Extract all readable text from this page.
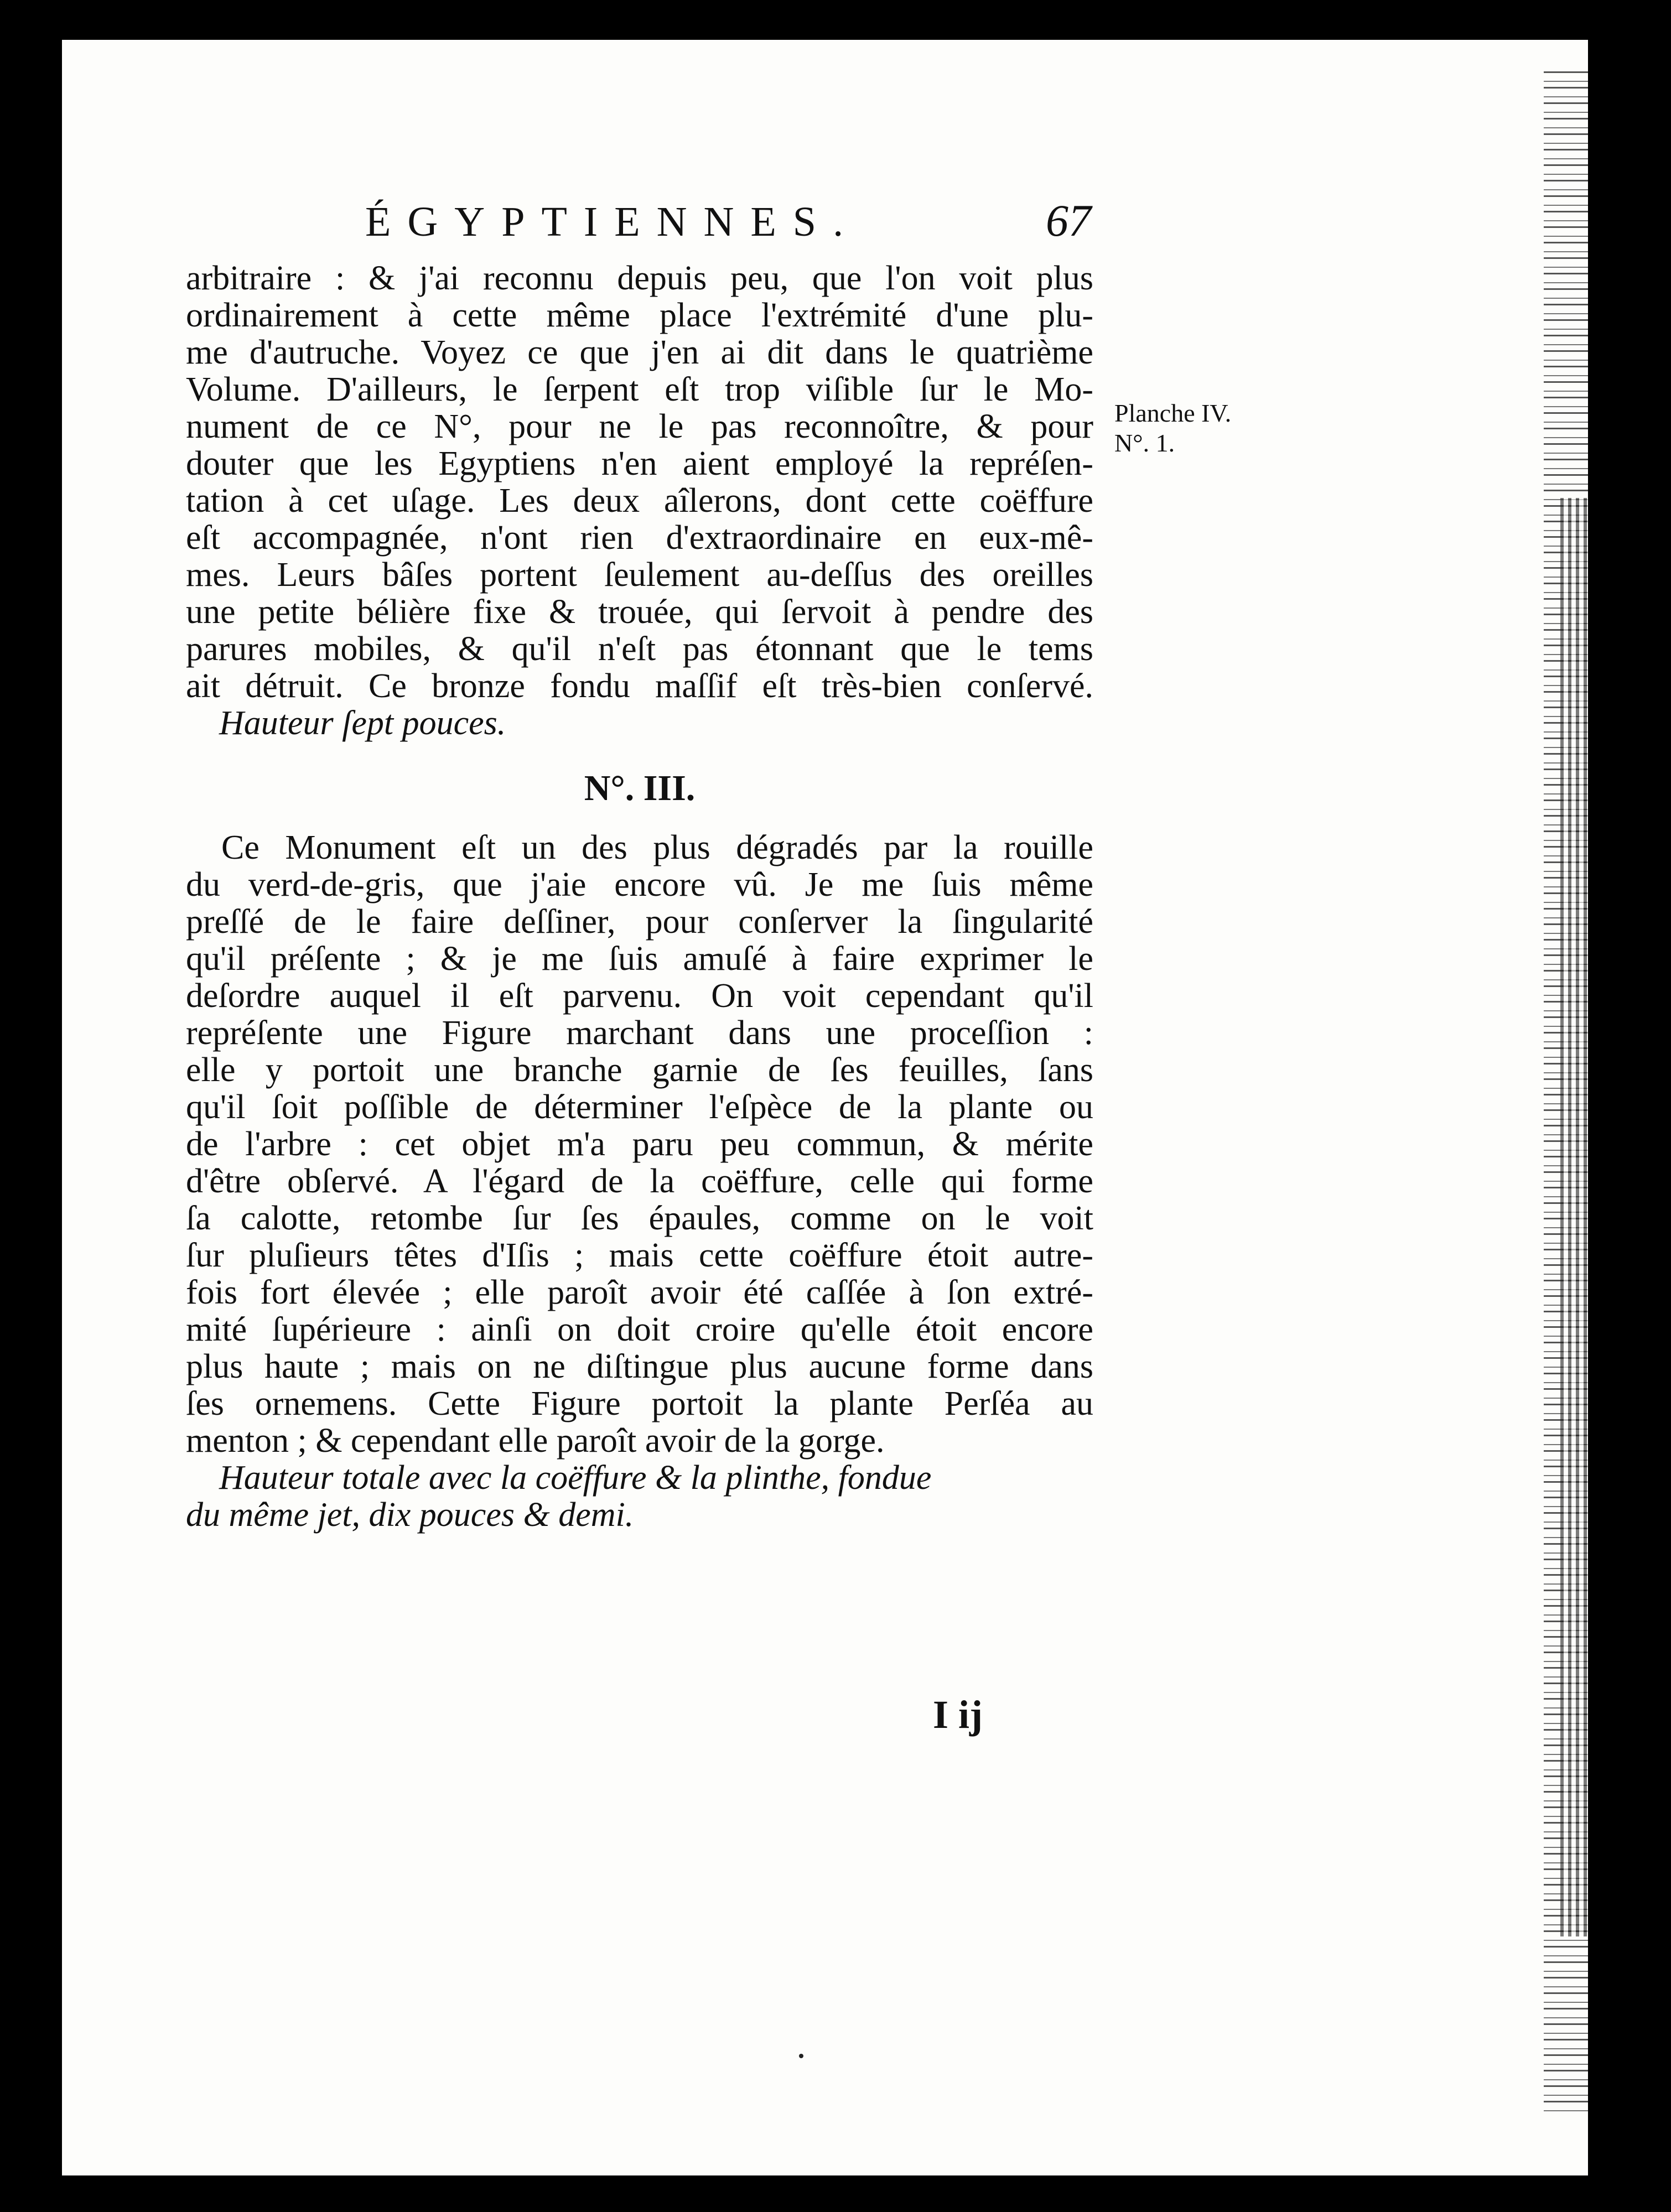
ÉGYPTIENNES.	67
Planche IV.
N°. 1.
arbitraire : & j'ai reconnu depuis peu, que l'on voit plus
ordinairement à cette même place l'extrémité d'une plu-
me d'autruche. Voyez ce que j'en ai dit dans le quatrième
Volume. D'ailleurs, le ſerpent eſt trop viſible ſur le Mo-
nument de ce N°, pour ne le pas reconnoître, & pour
douter que les Egyptiens n'en aient employé la repréſen-
tation à cet uſage. Les deux aîlerons, dont cette coëffure
eſt accompagnée, n'ont rien d'extraordinaire en eux-mê-
mes. Leurs bâſes portent ſeulement au-deſſus des oreilles
une petite bélière fixe & trouée, qui ſervoit à pendre des
parures mobiles, & qu'il n'eſt pas étonnant que le tems
ait détruit. Ce bronze fondu maſſif eſt très-bien conſervé.
Hauteur ſept pouces.
N°. III.
Ce Monument eſt un des plus dégradés par la rouille
du verd-de-gris, que j'aie encore vû. Je me ſuis même
preſſé de le faire deſſiner, pour conſerver la ſingularité
qu'il préſente ; & je me ſuis amuſé à faire exprimer le
deſordre auquel il eſt parvenu. On voit cependant qu'il
repréſente une Figure marchant dans une proceſſion :
elle y portoit une branche garnie de ſes feuilles, ſans
qu'il ſoit poſſible de déterminer l'eſpèce de la plante ou
de l'arbre : cet objet m'a paru peu commun, & mérite
d'être obſervé. A l'égard de la coëffure, celle qui forme
ſa calotte, retombe ſur ſes épaules, comme on le voit
ſur pluſieurs têtes d'Iſis ; mais cette coëffure étoit autre-
fois fort élevée ; elle paroît avoir été caſſée à ſon extré-
mité ſupérieure : ainſi on doit croire qu'elle étoit encore
plus haute ; mais on ne diſtingue plus aucune forme dans
ſes ornemens. Cette Figure portoit la plante Perſéa au
menton ; & cependant elle paroît avoir de la gorge.
Hauteur totale avec la coëffure & la plinthe, fondue
du même jet, dix pouces & demi.
I ij
